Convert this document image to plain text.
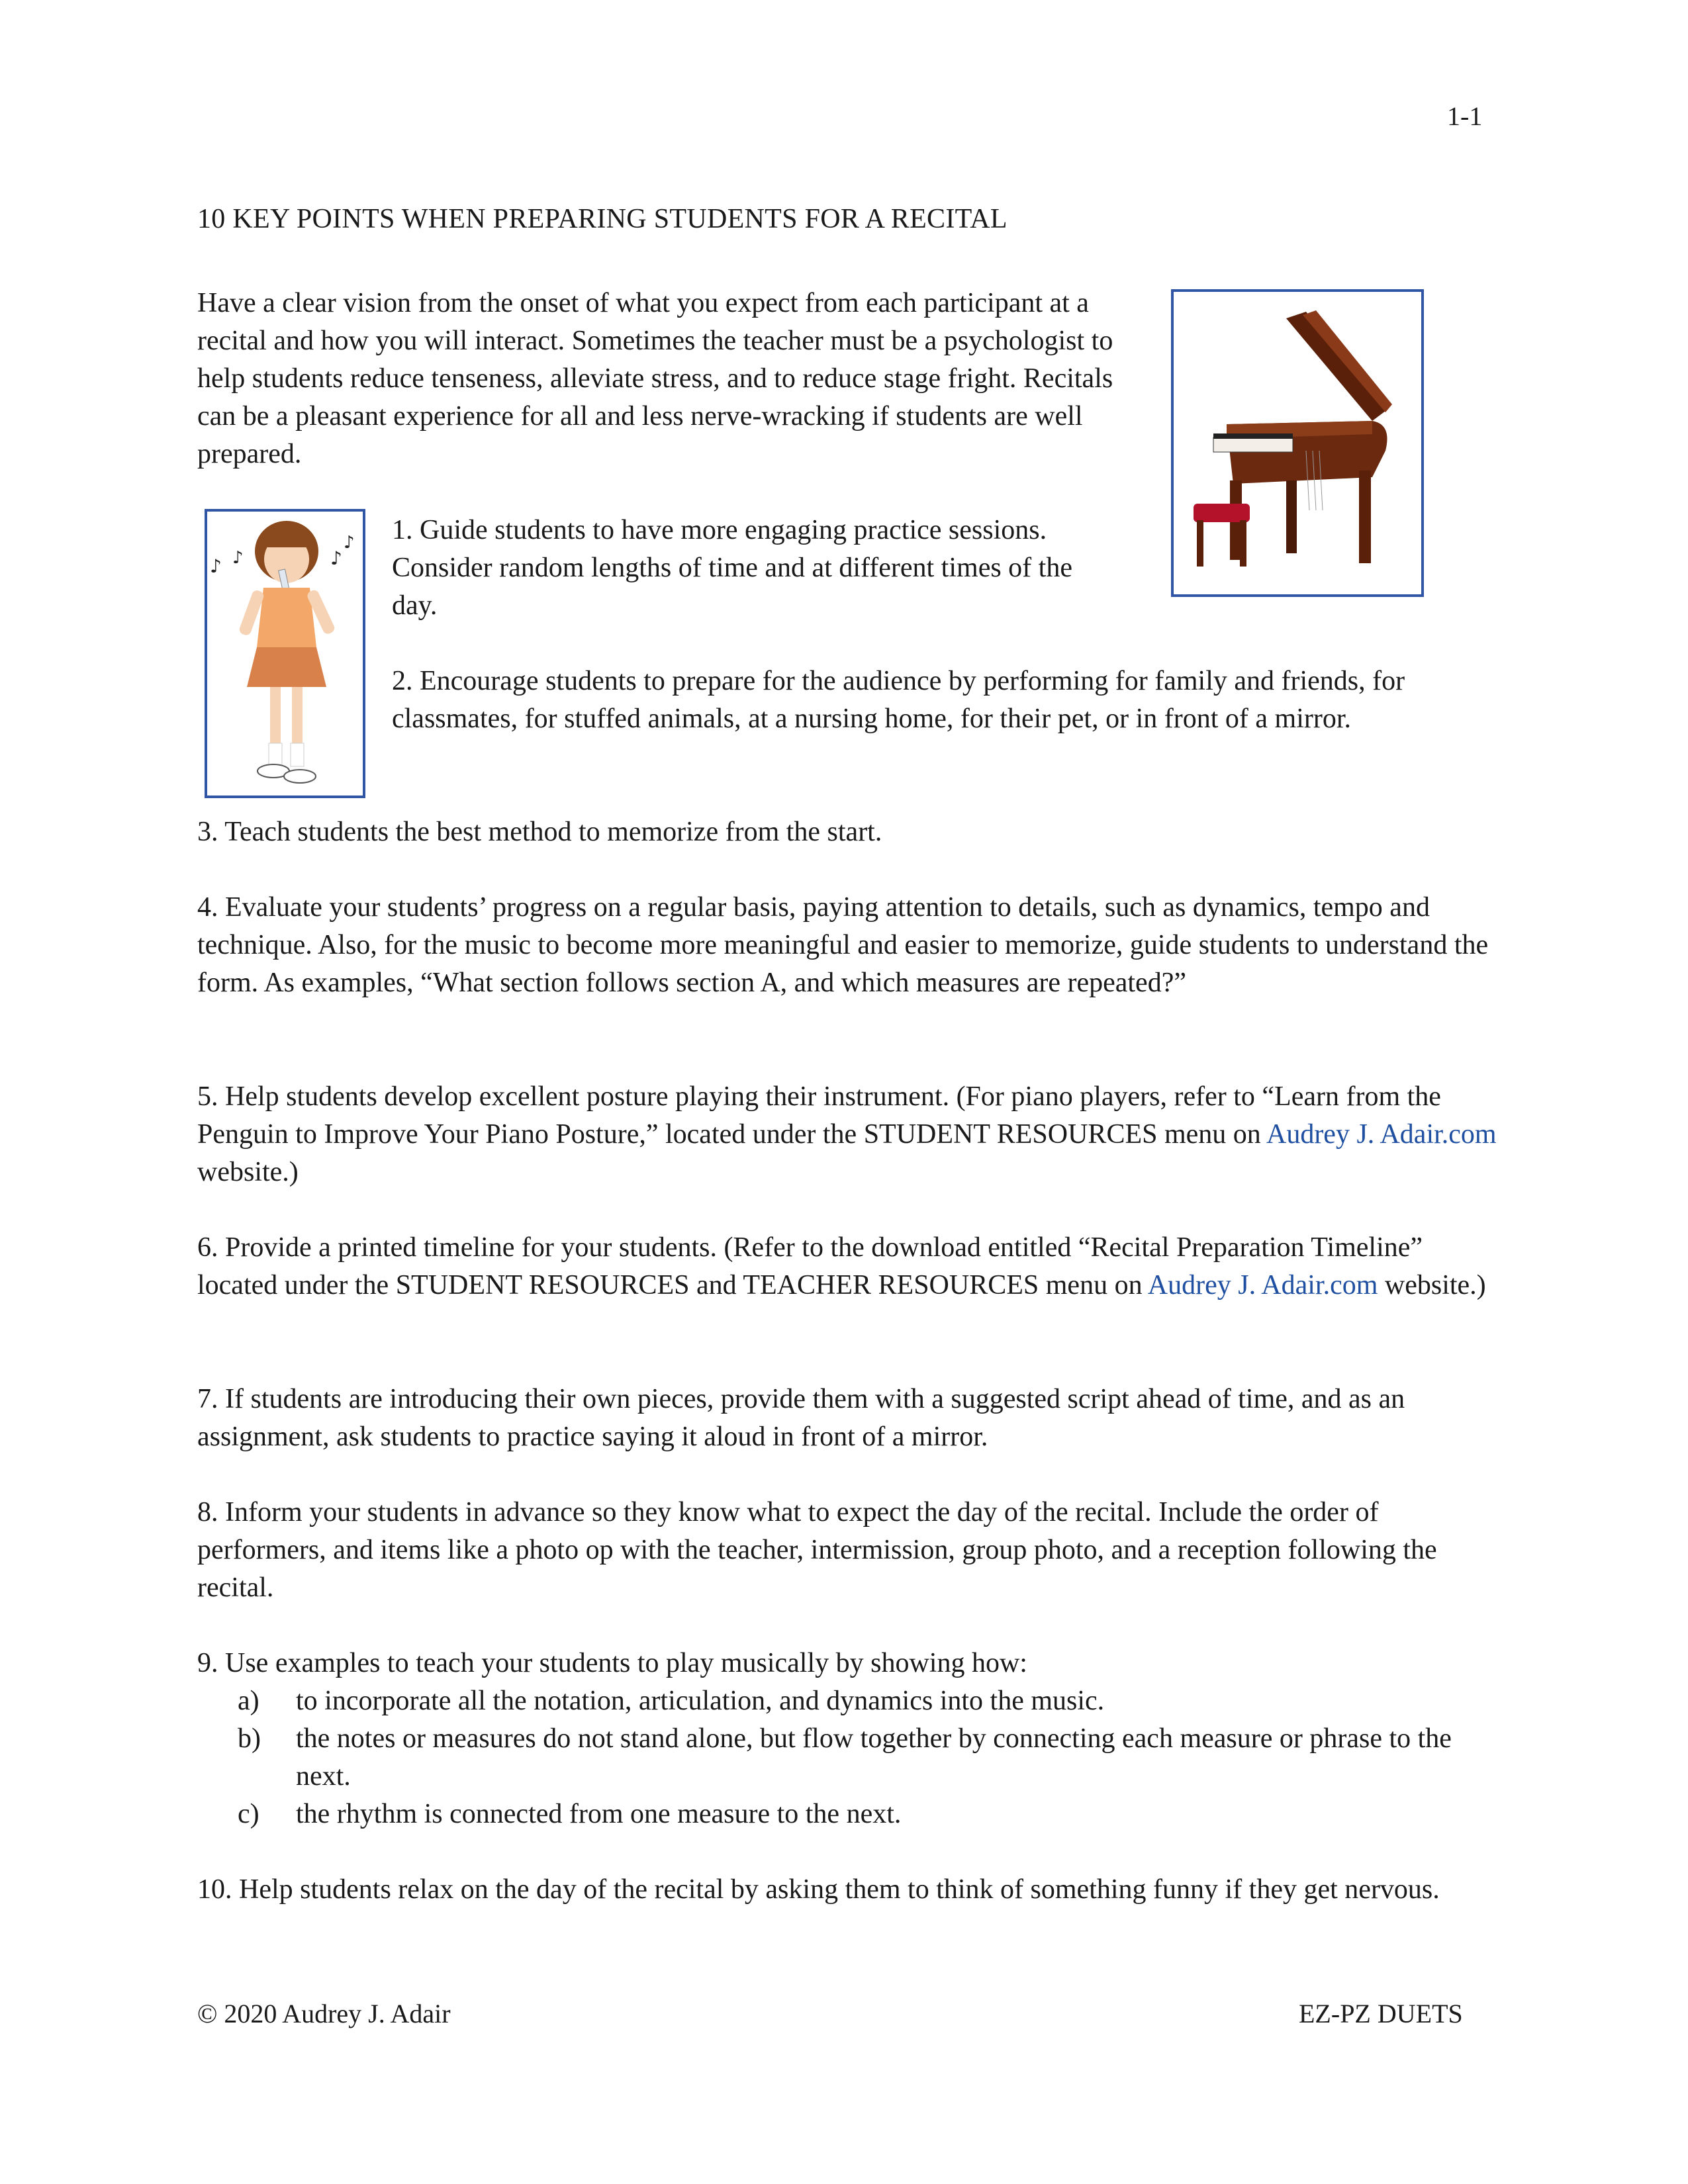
1-1
10 KEY POINTS WHEN PREPARING STUDENTS FOR A RECITAL

Have a clear vision from the onset of what you expect from each participant at a recital and how you will interact. Sometimes the teacher must be a psychologist to help students reduce tenseness, alleviate stress, and to reduce stage fright. Recitals can be a pleasant experience for all and less nerve-wracking if students are well prepared.

♪ ♪	♪
♪ 1. Guide students to have more engaging practice sessions. Consider random lengths of time and at different times of the day.

2. Encourage students to prepare for the audience by performing for family and friends, for classmates, for stuffed animals, at a nursing home, for their pet, or in front of a mirror.

3. Teach students the best method to memorize from the start.

4. Evaluate your students’ progress on a regular basis, paying attention to details, such as dynamics, tempo and technique. Also, for the music to become more meaningful and easier to memorize, guide students to understand the form. As examples, “What section follows section A, and which measures are repeated?”

5. Help students develop excellent posture playing their instrument. (For piano players, refer to “Learn from the Penguin to Improve Your Piano Posture,” located under the STUDENT RESOURCES menu on Audrey J. Adair.com website.)

6. Provide a printed timeline for your students. (Refer to the download entitled “Recital Preparation Timeline” located under the STUDENT RESOURCES and TEACHER RESOURCES menu on Audrey J. Adair.com website.)

7. If students are introducing their own pieces, provide them with a suggested script ahead of time, and as an assignment, ask students to practice saying it aloud in front of a mirror.

8. Inform your students in advance so they know what to expect the day of the recital. Include the order of performers, and items like a photo op with the teacher, intermission, group photo, and a reception following the recital.

9. Use examples to teach your students to play musically by showing how:

a) to incorporate all the notation, articulation, and dynamics into the music.
b) the notes or measures do not stand alone, but flow together by connecting each measure or phrase to the next.
c) the rhythm is connected from one measure to the next.

10. Help students relax on the day of the recital by asking them to think of something funny if they get nervous.

© 2020 Audrey J. Adair	EZ-PZ DUETS
